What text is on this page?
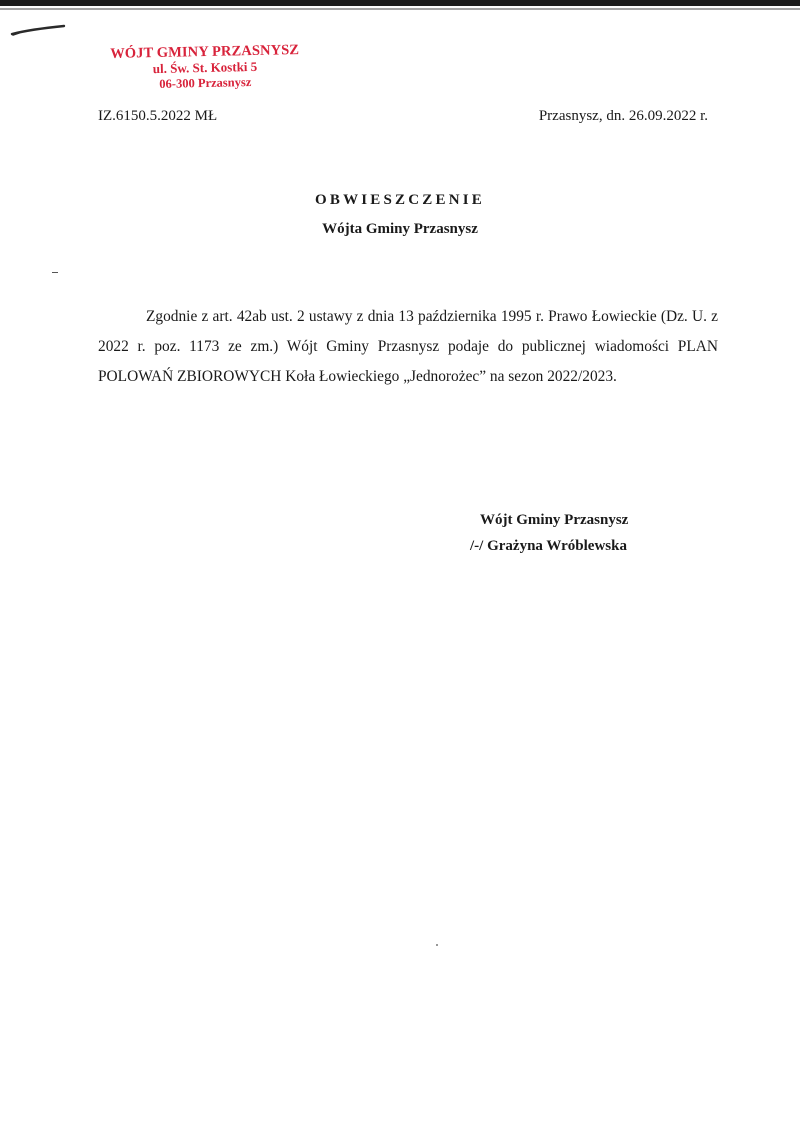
WÓJT GMINY PRZASNYSZ
ul. Św. St. Kostki 5
06-300 Przasnysz
IZ.6150.5.2022 MŁ	Przasnysz, dn. 26.09.2022 r.
OBWIESZCZENIE
Wójta Gminy Przasnysz
Zgodnie z art. 42ab ust. 2 ustawy z dnia 13 października 1995 r. Prawo Łowieckie (Dz. U. z 2022 r. poz. 1173 ze zm.) Wójt Gminy Przasnysz podaje do publicznej wiadomości PLAN POLOWAŃ ZBIOROWYCH Koła Łowieckiego „Jednorożec” na sezon 2022/2023.
Wójt Gminy Przasnysz
/-/ Grażyna Wróblewska
